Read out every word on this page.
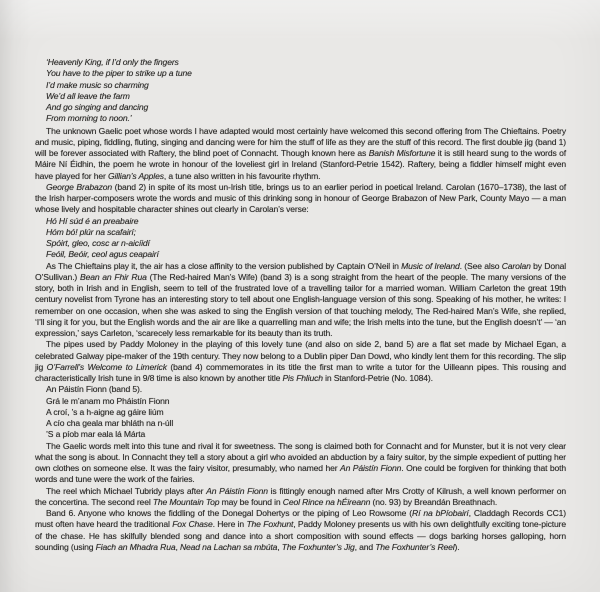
‘Heavenly King, if I’d only the fingers
You have to the piper to strike up a tune
I’d make music so charming
We’d all leave the farm
And go singing and dancing
From morning to noon.’

The unknown Gaelic poet whose words I have adapted would most certainly have welcomed this second offering from The Chieftains. Poetry and music, piping, fiddling, fluting, singing and dancing were for him the stuff of life as they are the stuff of this record. The first double jig (band 1) will be forever associated with Raftery, the blind poet of Connacht. Though known here as Banish Misfortune it is still heard sung to the words of Máire Ní Éidhin, the poem he wrote in honour of the loveliest girl in Ireland (Stanford-Petrie 1542). Raftery, being a fiddler himself might even have played for her Gillian’s Apples, a tune also written in his favourite rhythm.

George Brabazon (band 2) in spite of its most un-Irish title, brings us to an earlier period in poetical Ireland. Carolan (1670–1738), the last of the Irish harper-composers wrote the words and music of this drinking song in honour of George Brabazon of New Park, County Mayo — a man whose lively and hospitable character shines out clearly in Carolan’s verse:

Hó Hí súd é an preabaire
Hóm bó! plúr na scafairí;
Spóirt, gleo, cosc ar n-aicíidí
Feóil, Beóir, ceol agus ceapairí

As The Chieftains play it, the air has a close affinity to the version published by Captain O’Neil in Music of Ireland. (See also Carolan by Donal O’Sullivan.) Bean an Fhir Rua (The Red-haired Man’s Wife) (band 3) is a song straight from the heart of the people. The many versions of the story, both in Irish and in English, seem to tell of the frustrated love of a travelling tailor for a married woman. William Carleton the great 19th century novelist from Tyrone has an interesting story to tell about one English-language version of this song. Speaking of his mother, he writes: I remember on one occasion, when she was asked to sing the English version of that touching melody, The Red-haired Man’s Wife, she replied, ‘I’ll sing it for you, but the English words and the air are like a quarrelling man and wife; the Irish melts into the tune, but the English doesn’t’ — ‘an expression,’ says Carleton, ‘scarecely less remarkable for its beauty than its truth.

The pipes used by Paddy Moloney in the playing of this lovely tune (and also on side 2, band 5) are a flat set made by Michael Egan, a celebrated Galway pipe-maker of the 19th century. They now belong to a Dublin piper Dan Dowd, who kindly lent them for this recording. The slip jig O’Farrell’s Welcome to Limerick (band 4) commemorates in its title the first man to write a tutor for the Uilleann pipes. This rousing and characteristically Irish tune in 9/8 time is also known by another title Pis Fhliuch in Stanford-Petrie (No. 1084).

An Páistín Fionn (band 5).

Grá le m’anam mo Pháistín Fionn
A croí, ’s a h-aigne ag gáire liúm
A cío cha geala mar bhláth na n-úll
’S a píob mar eala lá Márta

The Gaelic words melt into this tune and rival it for sweetness. The song is claimed both for Connacht and for Munster, but it is not very clear what the song is about. In Connacht they tell a story about a girl who avoided an abduction by a fairy suitor, by the simple expedient of putting her own clothes on someone else. It was the fairy visitor, presumably, who named her An Páistín Fionn. One could be forgiven for thinking that both words and tune were the work of the fairies.

The reel which Michael Tubridy plays after An Páistín Fionn is fittingly enough named after Mrs Crotty of Kilrush, a well known performer on the concertina. The second reel The Mountain Top may be found in Ceol Rince na hÉireann (no. 93) by Breandán Breathnach.

Band 6. Anyone who knows the fiddling of the Donegal Dohertys or the piping of Leo Rowsome (Rí na bPíobairí, Claddagh Records CC1) must often have heard the traditional Fox Chase. Here in The Foxhunt, Paddy Moloney presents us with his own delightfully exciting tone-picture of the chase. He has skilfully blended song and dance into a short composition with sound effects — dogs barking horses galloping, horn sounding (using Fiach an Mhadra Rua, Nead na Lachan sa mbúta, The Foxhunter’s Jig, and The Foxhunter’s Reel).
